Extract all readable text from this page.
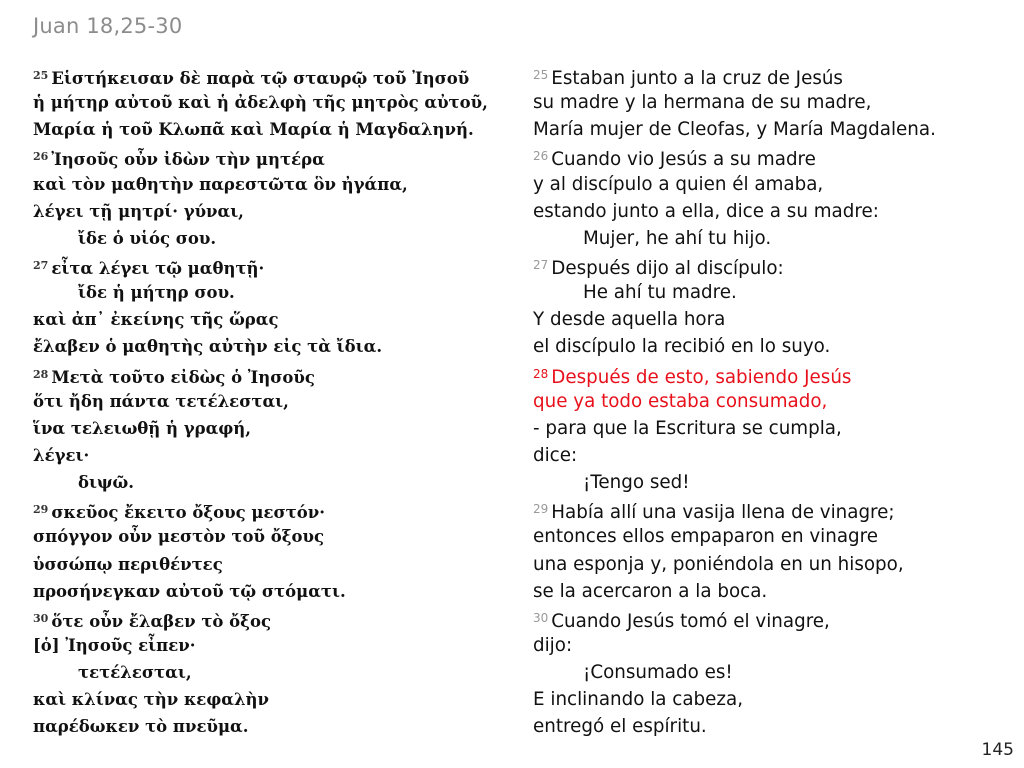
Juan 18,25-30
$^{25}$ Εἱστήκεισαν δὲ παρὰ τῷ σταυρῷ τοῦ Ἰησοῦ
ἡ μήτηρ αὐτοῦ καὶ ἡ ἀδελφὴ τῆς μητρὸς αὐτοῦ,
Μαρία ἡ τοῦ Κλωπᾶ καὶ Μαρία ἡ Μαγδαληνή.
$^{26}$ Ἰησοῦς οὖν ἰδὼν τὴν μητέρα
καὶ τὸν μαθητὴν παρεστῶτα ὃν ἠγάπα,
λέγει τῇ μητρί· γύναι,
ἴδε ὁ υἱός σου.
$^{27}$ εἶτα λέγει τῷ μαθητῇ·
ἴδε ἡ μήτηρ σου.
καὶ ἀπ᾽ ἐκείνης τῆς ὥρας
ἔλαβεν ὁ μαθητὴς αὐτὴν εἰς τὰ ἴδια.
$^{28}$ Μετὰ τοῦτο εἰδὼς ὁ Ἰησοῦς
ὅτι ἤδη πάντα τετέλεσται,
ἵνα τελειωθῇ ἡ γραφή,
λέγει·
διψῶ.
$^{29}$ σκεῦος ἔκειτο ὄξους μεστόν·
σπόγγον οὖν μεστὸν τοῦ ὄξους
ὑσσώπῳ περιθέντες
προσήνεγκαν αὐτοῦ τῷ στόματι.
$^{30}$ ὅτε οὖν ἔλαβεν τὸ ὄξος
[ὁ] Ἰησοῦς εἶπεν·
τετέλεσται,
καὶ κλίνας τὴν κεφαλὴν
παρέδωκεν τὸ πνεῦμα.
$^{25}$ Estaban junto a la cruz de Jesús
su madre y la hermana de su madre,
María mujer de Cleofas, y María Magdalena.
$^{26}$ Cuando vio Jesús a su madre
y al discípulo a quien él amaba,
estando junto a ella, dice a su madre:
Mujer, he ahí tu hijo.
$^{27}$ Después dijo al discípulo:
He ahí tu madre.
Y desde aquella hora
el discípulo la recibió en lo suyo.
$^{28}$ Después de esto, sabiendo Jesús
que ya todo estaba consumado,
- para que la Escritura se cumpla,
dice:
¡Tengo sed!
$^{29}$ Había allí una vasija llena de vinagre;
entonces ellos empaparon en vinagre
una esponja y, poniéndola en un hisopo,
se la acercaron a la boca.
$^{30}$ Cuando Jesús tomó el vinagre,
dijo:
¡Consumado es!
E inclinando la cabeza,
entregó el espíritu.
145
